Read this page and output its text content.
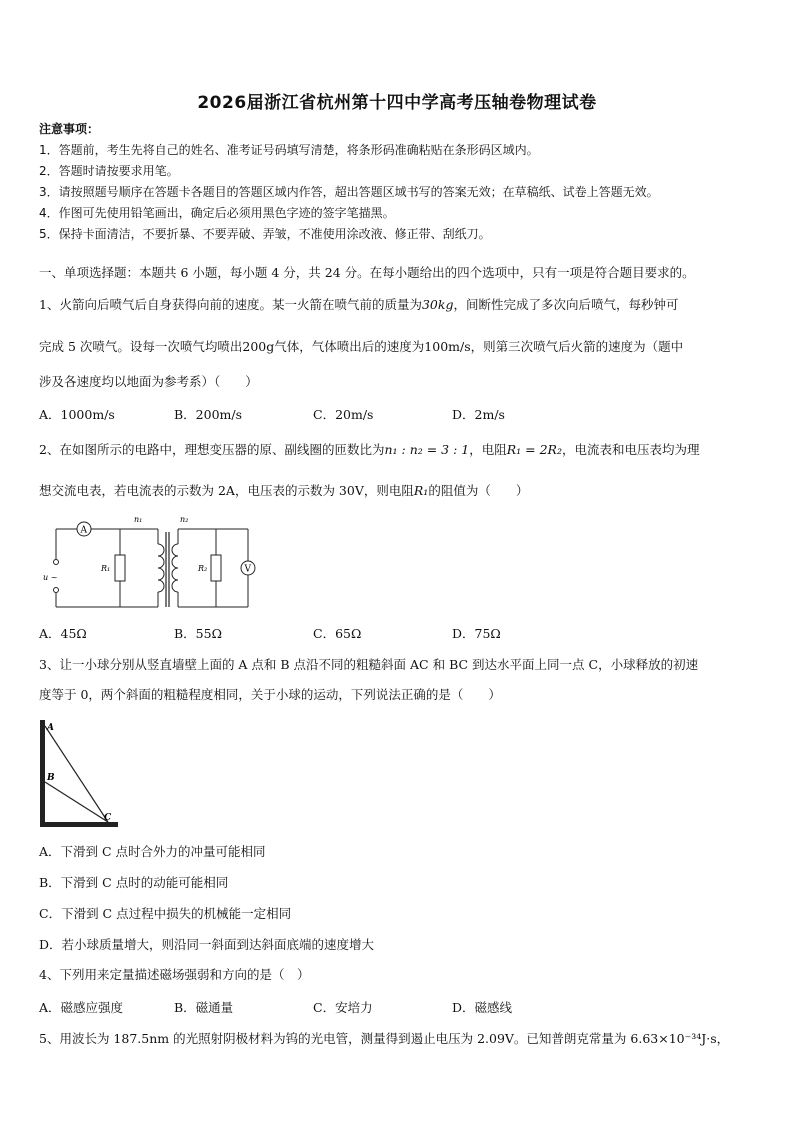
2026届浙江省杭州第十四中学高考压轴卷物理试卷
注意事项：
1．答题前，考生先将自己的姓名、准考证号码填写清楚，将条形码准确粘贴在条形码区域内。
2．答题时请按要求用笔。
3．请按照题号顺序在答题卡各题目的答题区域内作答，超出答题区域书写的答案无效；在草稿纸、试卷上答题无效。
4．作图可先使用铅笔画出，确定后必须用黑色字迹的签字笔描黑。
5．保持卡面清洁，不要折暴、不要弄破、弄皱，不准使用涂改液、修正带、刮纸刀。
一、单项选择题：本题共 6 小题，每小题 4 分，共 24 分。在每小题给出的四个选项中，只有一项是符合题目要求的。
1、火箭向后喷气后自身获得向前的速度。某一火箭在喷气前的质量为30kg，间断性完成了多次向后喷气，每秒钟可
完成 5 次喷气。设每一次喷气均喷出200g气体，气体喷出后的速度为100m/s，则第三次喷气后火箭的速度为（题中
涉及各速度均以地面为参考系）（　　）
A．1000m/s	B．200m/s	C．20m/s	D．2m/s
2、在如图所示的电路中，理想变压器的原、副线圈的匝数比为n₁ : n₂ = 3 : 1，电阻R₁ = 2R₂，电流表和电压表均为理
想交流电表，若电流表的示数为 2A，电压表的示数为 30V，则电阻R₁的阻值为（　　）
A
V
n₁	n₂
R₁	R₂
u ~
A．45Ω	B．55Ω	C．65Ω	D．75Ω
3、让一小球分别从竖直墙壁上面的 A 点和 B 点沿不同的粗糙斜面 AC 和 BC 到达水平面上同一点 C，小球释放的初速
度等于 0，两个斜面的粗糙程度相同，关于小球的运动，下列说法正确的是（　　）
A
B
C
A．下滑到 C 点时合外力的冲量可能相同
B．下滑到 C 点时的动能可能相同
C．下滑到 C 点过程中损失的机械能一定相同
D．若小球质量增大，则沿同一斜面到达斜面底端的速度增大
4、下列用来定量描述磁场强弱和方向的是（　）
A．磁感应强度	B．磁通量	C．安培力	D．磁感线
5、用波长为 187.5nm 的光照射阴极材料为钨的光电管，测量得到遏止电压为 2.09V。已知普朗克常量为 6.63×10⁻³⁴J·s，
